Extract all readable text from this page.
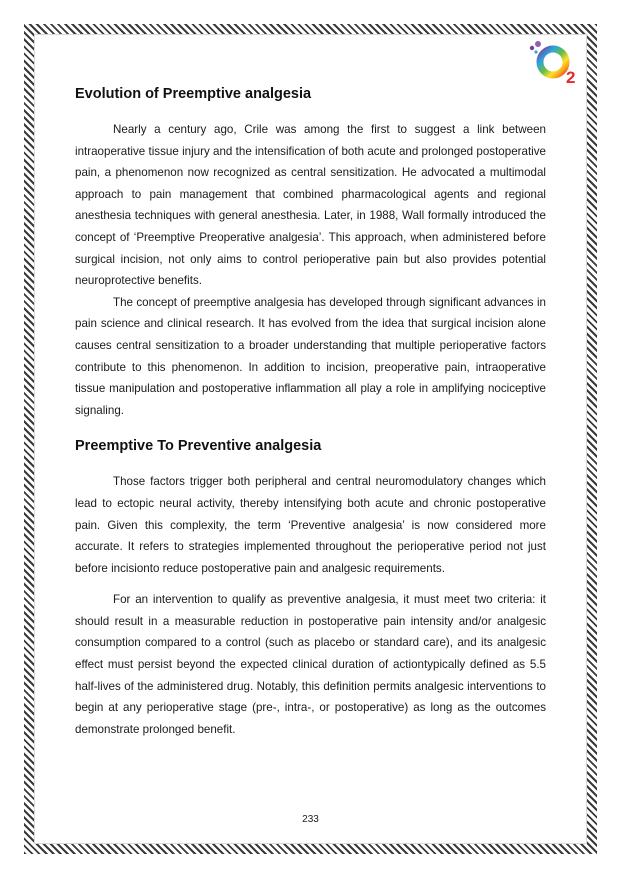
2
Evolution of Preemptive analgesia

Nearly a century ago, Crile was among the first to suggest a link between intraoperative tissue injury and the intensification of both acute and prolonged postoperative pain, a phenomenon now recognized as central sensitization. He advocated a multimodal approach to pain management that combined pharmacological agents and regional anesthesia techniques with general anesthesia. Later, in 1988, Wall formally introduced the concept of ‘Preemptive Preoperative analgesia’. This approach, when administered before surgical incision, not only aims to control perioperative pain but also provides potential neuroprotective benefits.

The concept of preemptive analgesia has developed through significant advances in pain science and clinical research. It has evolved from the idea that surgical incision alone causes central sensitization to a broader understanding that multiple perioperative factors contribute to this phenomenon. In addition to incision, preoperative pain, intraoperative tissue manipulation and postoperative inflammation all play a role in amplifying nociceptive signaling.

Preemptive To Preventive analgesia

Those factors trigger both peripheral and central neuromodulatory changes which lead to ectopic neural activity, thereby intensifying both acute and chronic postoperative pain. Given this complexity, the term ‘Preventive analgesia’ is now considered more accurate. It refers to strategies implemented throughout the perioperative period not just before incisionto reduce postoperative pain and analgesic requirements.

For an intervention to qualify as preventive analgesia, it must meet two criteria: it should result in a measurable reduction in postoperative pain intensity and/or analgesic consumption compared to a control (such as placebo or standard care), and its analgesic effect must persist beyond the expected clinical duration of actiontypically defined as 5.5 half-lives of the administered drug. Notably, this definition permits analgesic interventions to begin at any perioperative stage (pre-, intra-, or postoperative) as long as the outcomes demonstrate prolonged benefit.

233
